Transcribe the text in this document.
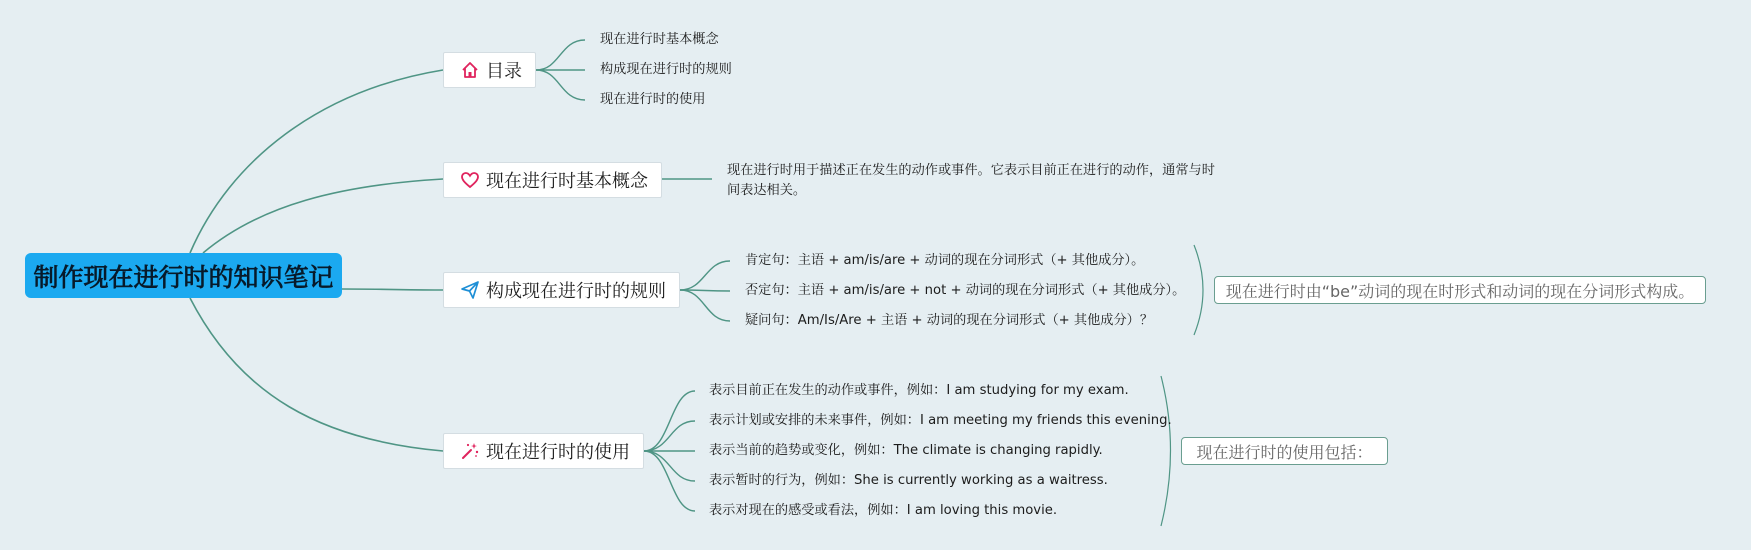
制作现在进行时的知识笔记
目录
现在进行时基本概念
构成现在进行时的规则
现在进行时的使用
现在进行时基本概念
现在进行时用于描述正在发生的动作或事件。它表示目前正在进行的动作，通常与时间表达相关。
构成现在进行时的规则
肯定句：主语 + am/is/are + 动词的现在分词形式（+ 其他成分）。
否定句：主语 + am/is/are + not + 动词的现在分词形式（+ 其他成分）。
疑问句：Am/Is/Are + 主语 + 动词的现在分词形式（+ 其他成分）？
现在进行时由“be”动词的现在时形式和动词的现在分词形式构成。
现在进行时的使用
表示目前正在发生的动作或事件，例如：I am studying for my exam.
表示计划或安排的未来事件，例如：I am meeting my friends this evening.
表示当前的趋势或变化，例如：The climate is changing rapidly.
表示暂时的行为，例如：She is currently working as a waitress.
表示对现在的感受或看法，例如：I am loving this movie.
现在进行时的使用包括：
